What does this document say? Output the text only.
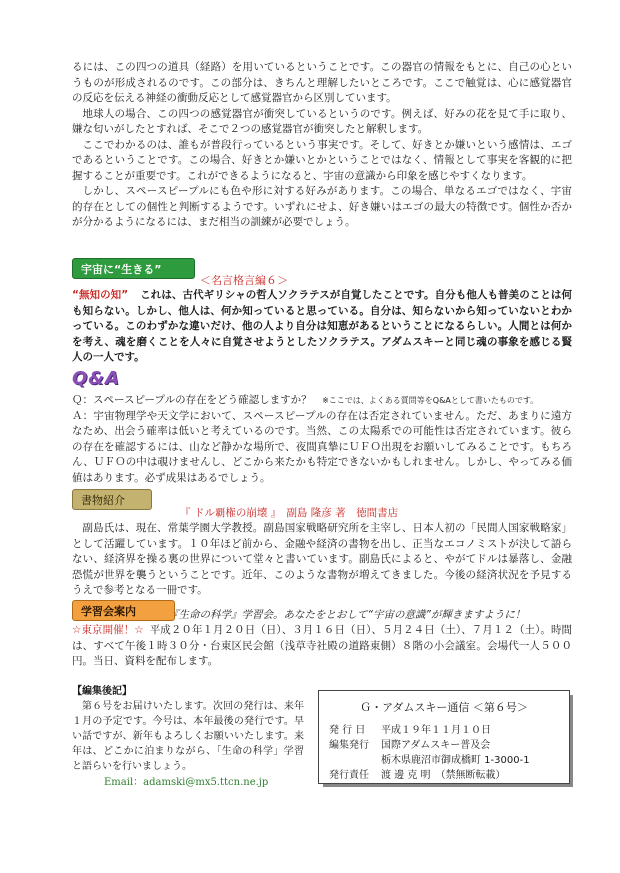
るには、この四つの道具（経路）を用いているということです。この器官の情報をもとに、自己の心というものが形成されるのです。この部分は、きちんと理解したいところです。ここで触覚は、心に感覚器官の反応を伝える神経の衝動反応として感覚器官から区別しています。

地球人の場合、この四つの感覚器官が衝突しているというのです。例えば、好みの花を見て手に取り、嫌な匂いがしたとすれば、そこで２つの感覚器官が衝突したと解釈します。

ここでわかるのは、誰もが普段行っているという事実です。そして、好きとか嫌いという感情は、エゴであるということです。この場合、好きとか嫌いとかということではなく、情報として事実を客観的に把握することが重要です。これができるようになると、宇宙の意識から印象を感じやすくなります。

しかし、スペースピープルにも色や形に対する好みがあります。この場合、単なるエゴではなく、宇宙的存在としての個性と判断するようです。いずれにせよ、好き嫌いはエゴの最大の特徴です。個性か否かが分かるようになるには、まだ相当の訓練が必要でしょう。

宇宙に“生きる”
＜名言格言編６＞

“無知の知” これは、古代ギリシャの哲人ソクラテスが自覚したことです。自分も他人も普美のことは何も知らない。しかし、他人は、何か知っていると思っている。自分は、知らないから知っていないとわかっている。このわずかな違いだけ、他の人より自分は知恵があるということになるらしい。人間とは何かを考え、魂を磨くことを人々に自覚させようとしたソクラテス。アダムスキーと同じ魂の事象を感じる賢人の一人です。

Q&A

Ｑ：スペースピープルの存在をどう確認しますか？　 ※ここでは、よくある質問等をQ&Aとして書いたものです。

Ａ：宇宙物理学や天文学において、スペースピープルの存在は否定されていません。ただ、あまりに遠方なため、出会う確率は低いと考えているのです。当然、この太陽系での可能性は否定されています。彼らの存在を確認するには、山など静かな場所で、夜間真摯にＵＦＯ出現をお願いしてみることです。もちろん、ＵＦＯの中は覗けませんし、どこから来たかも特定できないかもしれません。しかし、やってみる価値はあります。必ず成果はあるでしょう。

書物紹介
『 ドル覇権の崩壊 』　 副島 隆彦 著　 徳間書店

副島氏は、現在、常葉学園大学教授。副島国家戦略研究所を主宰し、日本人初の「民間人国家戦略家」として活躍しています。１０年ほど前から、金融や経済の書物を出し、正当なエコノミストが決して語らない、経済界を操る裏の世界について堂々と書いています。副島氏によると、やがてドルは暴落し、金融恐慌が世界を襲うということです。近年、このような書物が増えてきました。今後の経済状況を予見するうえで参考となる一冊です。

学習会案内	『生命の科学』学習会。あなたをとおして“宇宙の意識”が輝きますように！

☆東京開催！☆ 平成２０年１月２０日（日）、３月１６日（日）、５月２４日（土）、７月１２（土）。時間は、すべて午後１時３０分・台東区民会館（浅草寺社殿の道路東側）８階の小会議室。会場代一人５００円。当日、資料を配布します。

【編集後記】

第６号をお届けいたします。次回の発行は、来年１月の予定です。今号は、本年最後の発行です。早い話ですが、新年もよろしくお願いいたします。来年は、どこかに泊まりながら、「生命の科学」学習と語らいを行いましょう。

Email：adamski@mx5.ttcn.ne.jp
Ｇ・アダムスキー通信 ＜第６号＞
発 行 日 平成１９年１１月１０日
編集発行 国際アダムスキー普及会
栃木県鹿沼市御成橋町 1-3000-1
発行責任 渡 邊 克 明　（禁無断転載）
